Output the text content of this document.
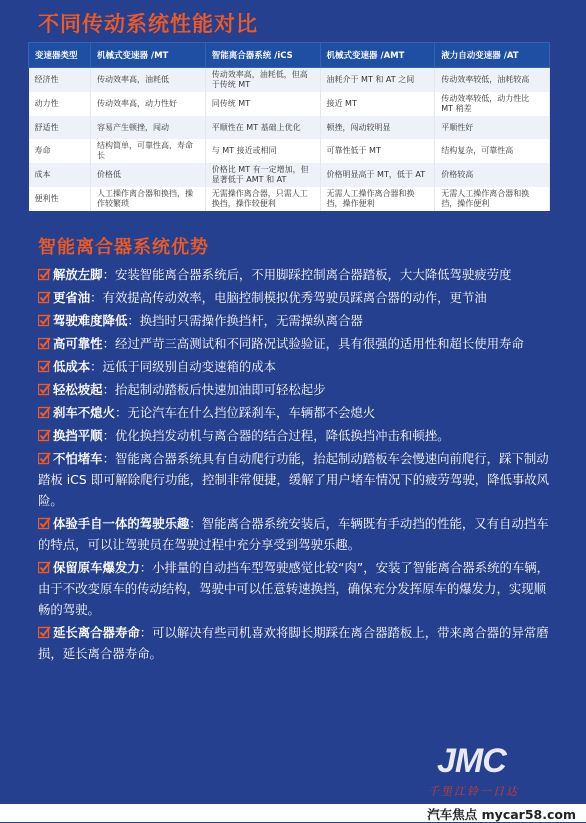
不同传动系统性能对比
变速器类型	机械式变速器 /MT	智能离合器系统 /iCS	机械式变速器 /AMT	液力自动变速器 /AT
经济性	传动效率高，油耗低	传动效率高，油耗低，但高于传统 MT	油耗介于 MT 和 AT 之间	传动效率较低，油耗较高
动力性	传动效率高，动力性好	同传统 MT	接近 MT	传动效率较低，动力性比 MT 稍差
舒适性	容易产生顿挫，闯动	平顺性在 MT 基础上优化	顿挫，闯动较明显	平顺性好
寿命	结构简单，可靠性高，寿命长	与 MT 接近或相同	可靠性低于 MT	结构复杂，可靠性高
成本	价格低	价格比 MT 有一定增加，但显著低于 AMT 和 AT	价格明显高于 MT，低于 AT	价格较高
便利性	人工操作离合器和换挡，操作较繁琐	无需操作离合器，只需人工换挡，操作较便利	无需人工操作离合器和换挡，操作便利	无需人工操作离合器和换挡，操作便利
智能离合器系统优势
解放左脚：安装智能离合器系统后，不用脚踩控制离合器踏板，大大降低驾驶疲劳度
更省油：有效提高传动效率，电脑控制模拟优秀驾驶员踩离合器的动作，更节油
驾驶难度降低：换挡时只需操作换挡杆，无需操纵离合器
高可靠性：经过严苛三高测试和不同路况试验验证，具有很强的适用性和超长使用寿命
低成本：远低于同级别自动变速箱的成本
轻松坡起：抬起制动踏板后快速加油即可轻松起步
刹车不熄火：无论汽车在什么挡位踩刹车，车辆都不会熄火
换挡平顺：优化换挡发动机与离合器的结合过程，降低换挡冲击和顿挫。
不怕堵车：智能离合器系统具有自动爬行功能，抬起制动踏板车会慢速向前爬行，踩下制动踏板 iCS 即可解除爬行功能，控制非常便捷，缓解了用户堵车情况下的疲劳驾驶，降低事故风险。
体验手自一体的驾驶乐趣：智能离合器系统安装后，车辆既有手动挡的性能，又有自动挡车的特点，可以让驾驶员在驾驶过程中充分享受到驾驶乐趣。
保留原车爆发力：小排量的自动挡车型驾驶感觉比较“肉”，安装了智能离合器系统的车辆，由于不改变原车的传动结构，驾驶中可以任意转速换挡，确保充分发挥原车的爆发力，实现顺畅的驾驶。
延长离合器寿命：可以解决有些司机喜欢将脚长期踩在离合器踏板上，带来离合器的异常磨损，延长离合器寿命。
JMC
千里江铃一日达
汽车焦点 mycar58.com
